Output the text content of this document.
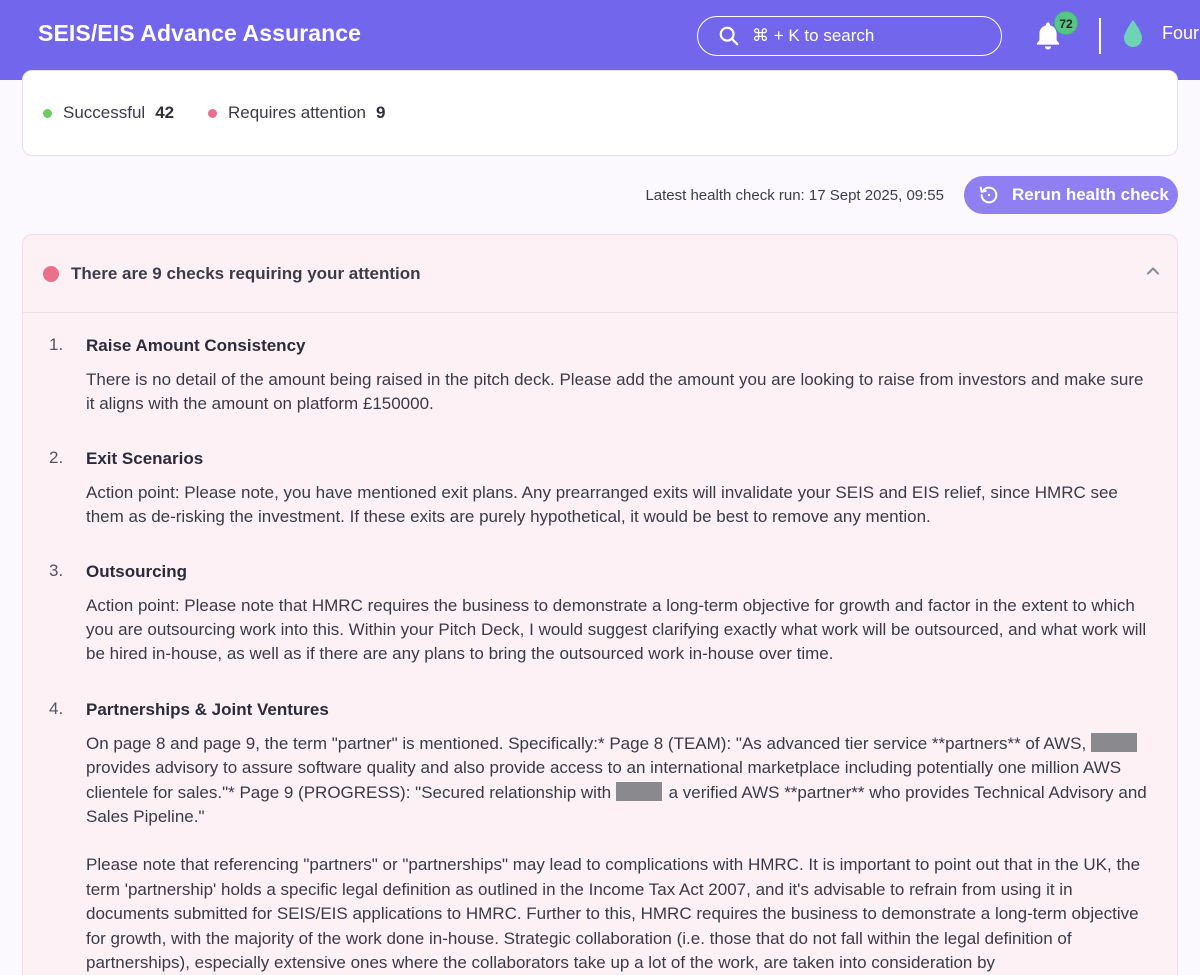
SEIS/EIS Advance Assurance	⌘ + K to search
72	Four
Successful 42	Requires attention 9
Latest health check run: 17 Sept 2025, 09:55	Rerun health check
There are 9 checks requiring your attention
1. Raise Amount Consistency
There is no detail of the amount being raised in the pitch deck. Please add the amount you are looking to raise from investors and make sure it aligns with the amount on platform £150000.
2. Exit Scenarios
Action point: Please note, you have mentioned exit plans. Any prearranged exits will invalidate your SEIS and EIS relief, since HMRC see them as de-risking the investment. If these exits are purely hypothetical, it would be best to remove any mention.
3. Outsourcing
Action point: Please note that HMRC requires the business to demonstrate a long-term objective for growth and factor in the extent to which you are outsourcing work into this. Within your Pitch Deck, I would suggest clarifying exactly what work will be outsourced, and what work will be hired in-house, as well as if there are any plans to bring the outsourced work in-house over time.
4. Partnerships & Joint Ventures
On page 8 and page 9, the term "partner" is mentioned. Specifically:* Page 8 (TEAM): "As advanced tier service **partners** of AWS, provides advisory to assure software quality and also provide access to an international marketplace including potentially one million AWS clientele for sales."* Page 9 (PROGRESS): "Secured relationship with	a verified AWS **partner** who provides Technical Advisory and Sales Pipeline."
Please note that referencing "partners" or "partnerships" may lead to complications with HMRC. It is important to point out that in the UK, the term 'partnership' holds a specific legal definition as outlined in the Income Tax Act 2007, and it's advisable to refrain from using it in documents submitted for SEIS/EIS applications to HMRC. Further to this, HMRC requires the business to demonstrate a long-term objective for growth, with the majority of the work done in-house. Strategic collaboration (i.e. those that do not fall within the legal definition of partnerships), especially extensive ones where the collaborators take up a lot of the work, are taken into consideration by
